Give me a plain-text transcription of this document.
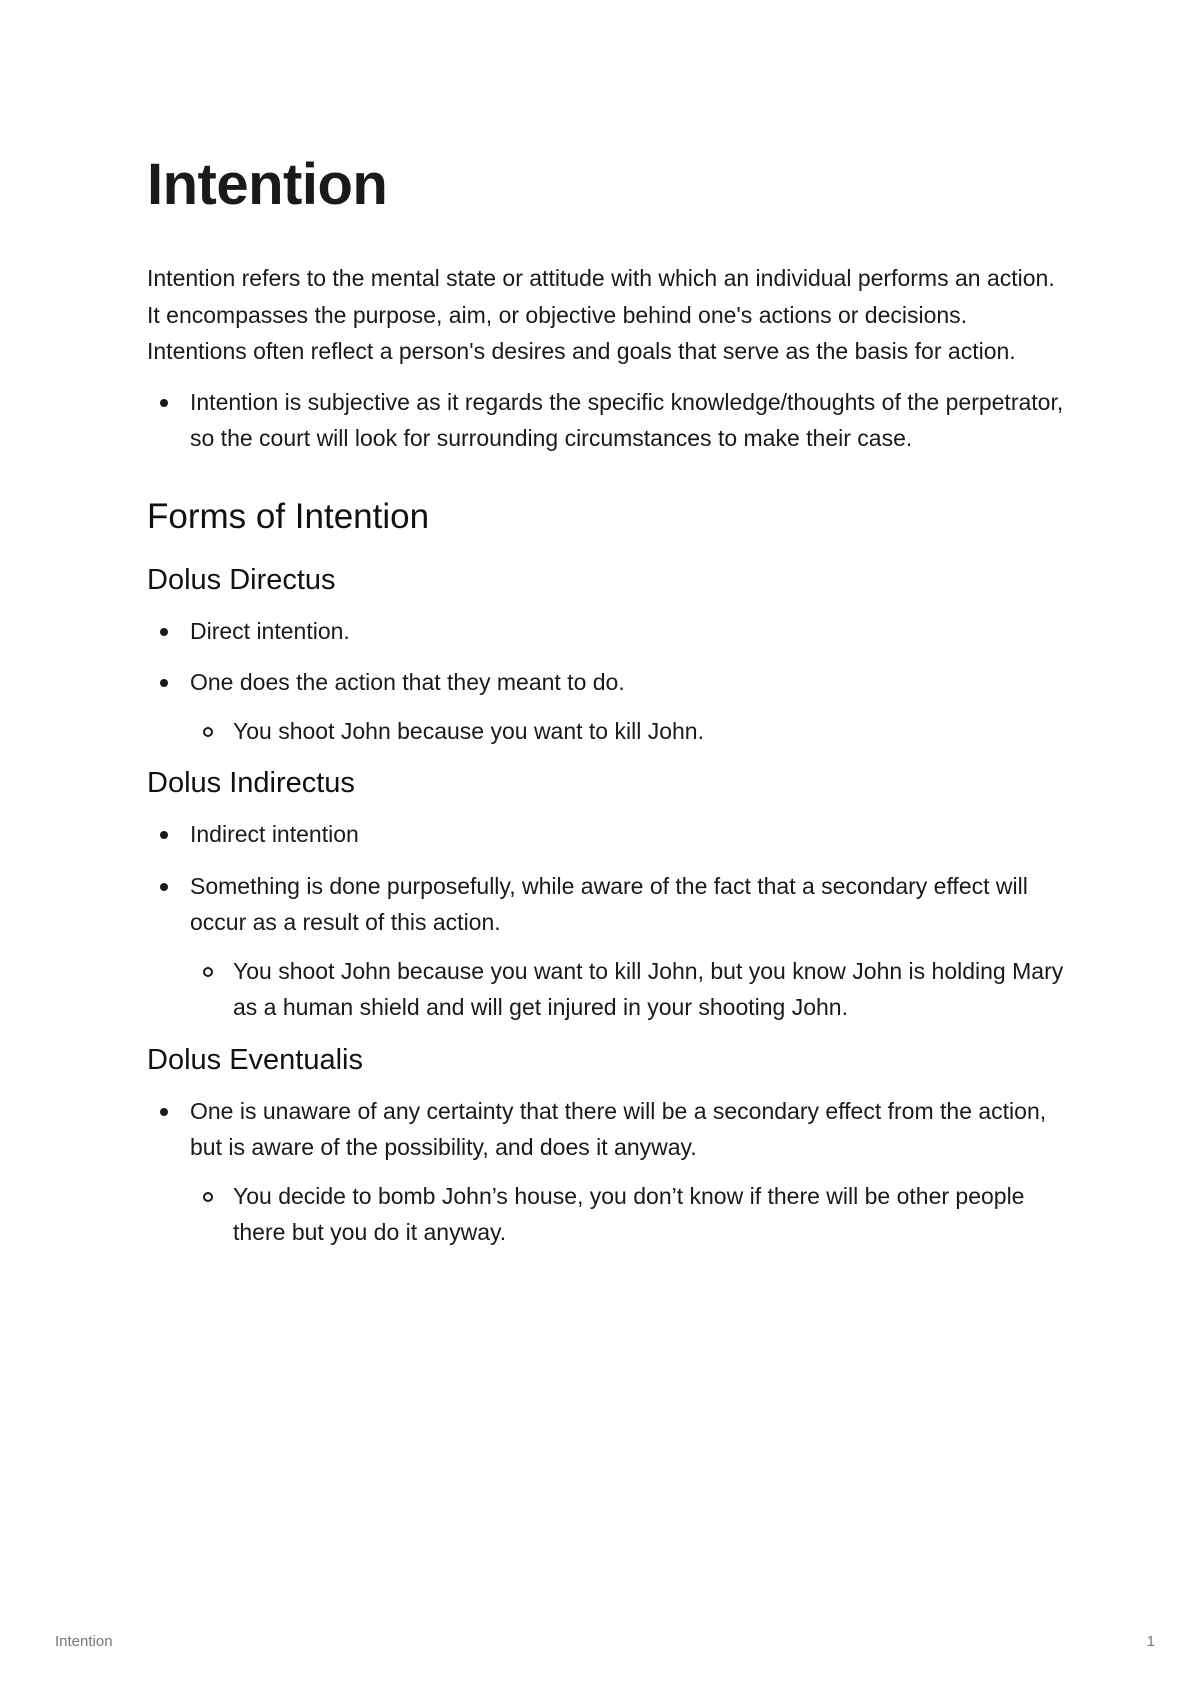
Intention

Intention refers to the mental state or attitude with which an individual performs an action. It encompasses the purpose, aim, or objective behind one's actions or decisions. Intentions often reflect a person's desires and goals that serve as the basis for action.

Intention is subjective as it regards the specific knowledge/thoughts of the perpetrator, so the court will look for surrounding circumstances to make their case.
Forms of Intention
Dolus Directus
Direct intention.
One does the action that they meant to do.
You shoot John because you want to kill John.
Dolus Indirectus
Indirect intention
Something is done purposefully, while aware of the fact that a secondary effect will occur as a result of this action.
You shoot John because you want to kill John, but you know John is holding Mary as a human shield and will get injured in your shooting John.
Dolus Eventualis
One is unaware of any certainty that there will be a secondary effect from the action, but is aware of the possibility, and does it anyway.
You decide to bomb John’s house, you don’t know if there will be other people there but you do it anyway.
Intention	1
